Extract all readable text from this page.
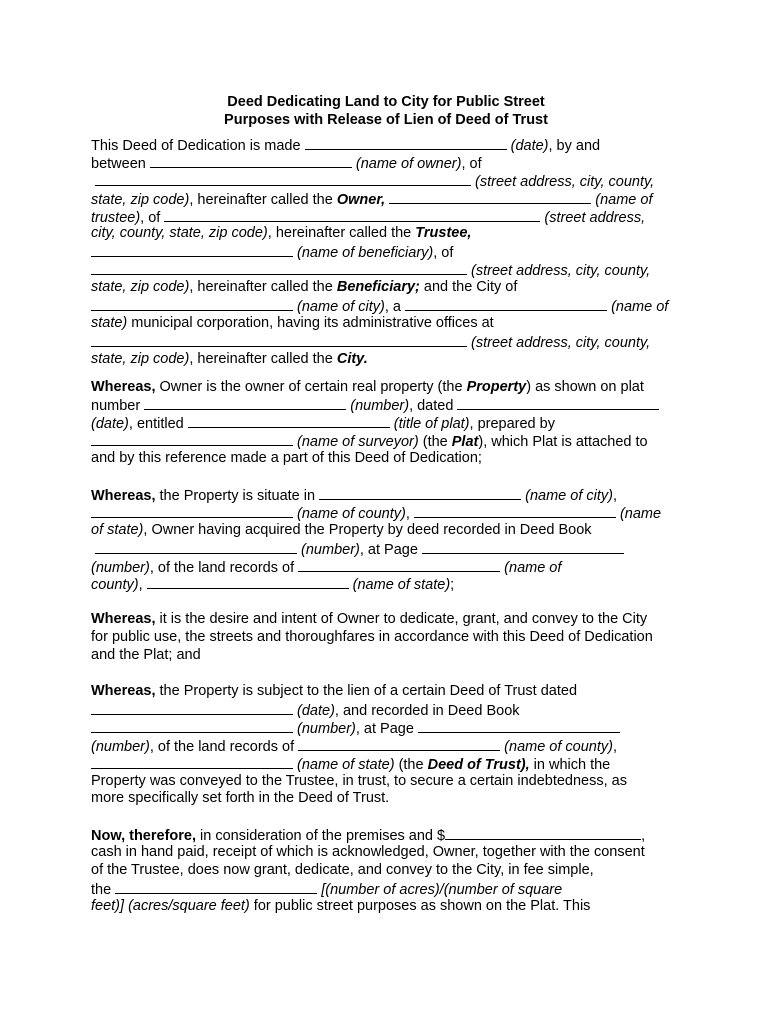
Deed Dedicating Land to City for Public Street
Purposes with Release of Lien of Deed of Trust
This Deed of Dedication is made	(date), by and
between	(name of owner), of
(street address, city, county,
state, zip code), hereinafter called the Owner,	(name of
trustee), of	(street address,
city, county, state, zip code), hereinafter called the Trustee,
(name of beneficiary), of
(street address, city, county,
state, zip code), hereinafter called the Beneficiary; and the City of
(name of city), a	(name of
state) municipal corporation, having its administrative offices at
(street address, city, county,
state, zip code), hereinafter called the City.
Whereas, Owner is the owner of certain real property (the Property) as shown on plat
number	(number), dated
(date), entitled	(title of plat), prepared by
(name of surveyor) (the Plat), which Plat is attached to
and by this reference made a part of this Deed of Dedication;
Whereas, the Property is situate in	(name of city),
(name of county),	(name
of state), Owner having acquired the Property by deed recorded in Deed Book
(number), at Page
(number), of the land records of	(name of
county),	(name of state);
Whereas, it is the desire and intent of Owner to dedicate, grant, and convey to the City
for public use, the streets and thoroughfares in accordance with this Deed of Dedication
and the Plat; and
Whereas, the Property is subject to the lien of a certain Deed of Trust dated
(date), and recorded in Deed Book
(number), at Page
(number), of the land records of	(name of county),
(name of state) (the Deed of Trust), in which the
Property was conveyed to the Trustee, in trust, to secure a certain indebtedness, as
more specifically set forth in the Deed of Trust.
Now, therefore, in consideration of the premises and $	,
cash in hand paid, receipt of which is acknowledged, Owner, together with the consent
of the Trustee, does now grant, dedicate, and convey to the City, in fee simple,
the	[(number of acres)/(number of square
feet)] (acres/square feet) for public street purposes as shown on the Plat. This
